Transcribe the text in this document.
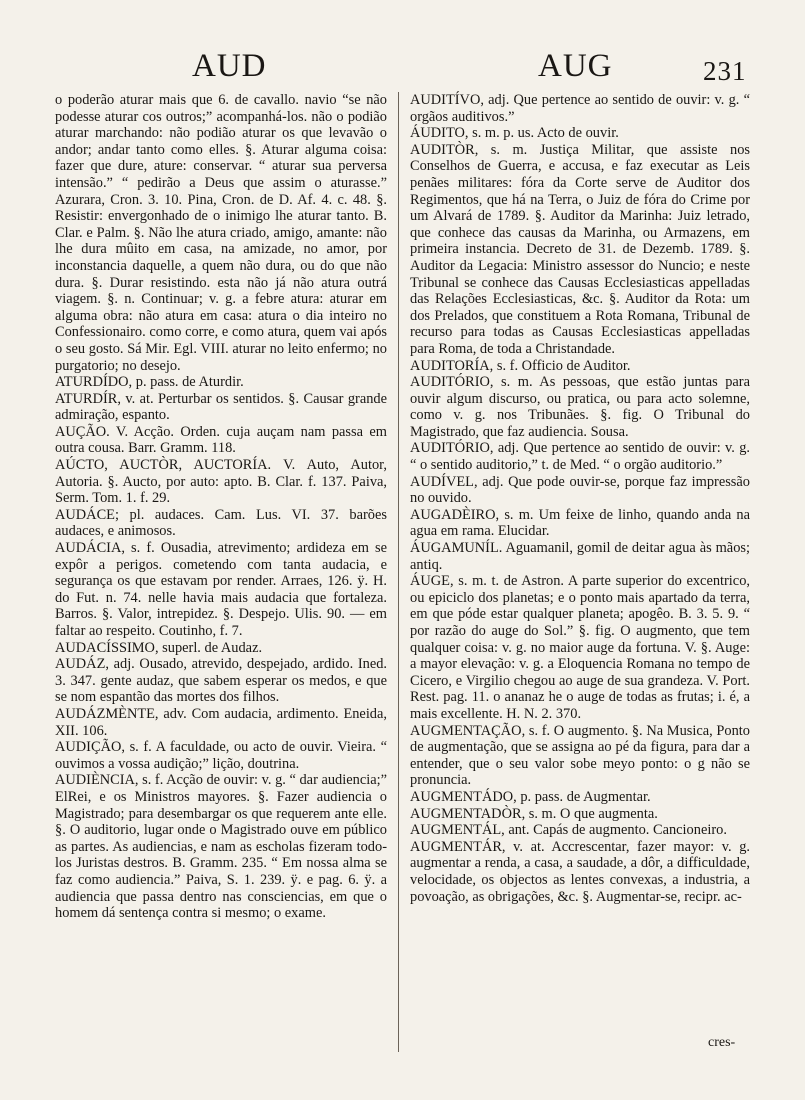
AUD	AUG	231

o poderão aturar mais que 6. de cavallo. navio “se não podesse aturar cos outros;” acompanhá-los. não o podião aturar marchando: não podião aturar os que levavão o andor; andar tanto como elles. §. Aturar alguma coisa: fazer que dure, ature: conservar. “ aturar sua perversa intensão.” “ pedirão a Deus que assim o aturasse.” Azurara, Cron. 3. 10. Pina, Cron. de D. Af. 4. c. 48. §. Resistir: envergonhado de o inimigo lhe aturar tanto. B. Clar. e Palm. §. Não lhe atura criado, amigo, amante: não lhe dura mûito em casa, na amizade, no amor, por inconstancia daquelle, a quem não dura, ou do que não dura. §. Durar resistindo. esta não já não atura outrá viagem. §. n. Continuar; v. g. a febre atura: aturar em alguma obra: não atura em casa: atura o dia inteiro no Confessionairo. como corre, e como atura, quem vai após o seu gosto. Sá Mir. Egl. VIII. aturar no leito enfermo; no purgatorio; no desejo.

ATURDÍDO, p. pass. de Aturdir.

ATURDÍR, v. at. Perturbar os sentidos. §. Causar grande admiração, espanto.

AUÇÃO. V. Acção. Orden. cuja auçam nam passa em outra cousa. Barr. Gramm. 118.

AÚCTO, AUCTÒR, AUCTORÍA. V. Auto, Autor, Autoria. §. Aucto, por auto: apto. B. Clar. f. 137. Paiva, Serm. Tom. 1. f. 29.

AUDÁCE; pl. audaces. Cam. Lus. VI. 37. barões audaces, e animosos.

AUDÁCIA, s. f. Ousadia, atrevimento; ardideza em se expôr a perigos. cometendo com tanta audacia, e segurança os que estavam por render. Arraes, 126. ÿ. H. do Fut. n. 74. nelle havia mais audacia que fortaleza. Barros. §. Valor, intrepidez. §. Despejo. Ulis. 90. — em faltar ao respeito. Coutinho, f. 7.

AUDACÍSSIMO, superl. de Audaz.

AUDÁZ, adj. Ousado, atrevido, despejado, ardido. Ined. 3. 347. gente audaz, que sabem esperar os medos, e que se nom espantão das mortes dos filhos.

AUDÁZMÈNTE, adv. Com audacia, ardimento. Eneida, XII. 106.

AUDIÇÃO, s. f. A faculdade, ou acto de ouvir. Vieira. “ ouvimos a vossa audição;” lição, doutrina.

AUDIÈNCIA, s. f. Acção de ouvir: v. g. “ dar audiencia;” ElRei, e os Ministros mayores. §. Fazer audiencia o Magistrado; para desembargar os que requerem ante elle. §. O auditorio, lugar onde o Magistrado ouve em público as partes. As audiencias, e nam as escholas fizeram todo-los Juristas destros. B. Gramm. 235. “ Em nossa alma se faz como audiencia.” Paiva, S. 1. 239. ÿ. e pag. 6. ÿ. a audiencia que passa dentro nas consciencias, em que o homem dá sentença contra si mesmo; o exame.

AUDITÍVO, adj. Que pertence ao sentido de ouvir: v. g. “ orgãos auditivos.”

ÁUDITO, s. m. p. us. Acto de ouvir.

AUDITÒR, s. m. Justiça Militar, que assiste nos Conselhos de Guerra, e accusa, e faz executar as Leis penães militares: fóra da Corte serve de Auditor dos Regimentos, que há na Terra, o Juiz de fóra do Crime por um Alvará de 1789. §. Auditor da Marinha: Juiz letrado, que conhece das causas da Marinha, ou Armazens, em primeira instancia. Decreto de 31. de Dezemb. 1789. §. Auditor da Legacia: Ministro assessor do Nuncio; e neste Tribunal se conhece das Causas Ecclesiasticas appelladas das Relações Ecclesiasticas, &c. §. Auditor da Rota: um dos Prelados, que constituem a Rota Romana, Tribunal de recurso para todas as Causas Ecclesiasticas appelladas para Roma, de toda a Christandade.

AUDITORÍA, s. f. Officio de Auditor.

AUDITÓRIO, s. m. As pessoas, que estão juntas para ouvir algum discurso, ou pratica, ou para acto solemne, como v. g. nos Tribunães. §. fig. O Tribunal do Magistrado, que faz audiencia. Sousa.

AUDITÓRIO, adj. Que pertence ao sentido de ouvir: v. g. “ o sentido auditorio,” t. de Med. “ o orgão auditorio.”

AUDÍVEL, adj. Que pode ouvir-se, porque faz impressão no ouvido.

AUGADÈIRO, s. m. Um feixe de linho, quando anda na agua em rama. Elucidar.

ÁUGAMUNÍL. Aguamanil, gomil de deitar agua às mãos; antiq.

ÁUGE, s. m. t. de Astron. A parte superior do excentrico, ou epiciclo dos planetas; e o ponto mais apartado da terra, em que póde estar qualquer planeta; apogêo. B. 3. 5. 9. “ por razão do auge do Sol.” §. fig. O augmento, que tem qualquer coisa: v. g. no maior auge da fortuna. V. §. Auge: a mayor elevação: v. g. a Eloquencia Romana no tempo de Cicero, e Virgilio chegou ao auge de sua grandeza. V. Port. Rest. pag. 11. o ananaz he o auge de todas as frutas; i. é, a mais excellente. H. N. 2. 370.

AUGMENTAÇÃO, s. f. O augmento. §. Na Musica, Ponto de augmentação, que se assigna ao pé da figura, para dar a entender, que o seu valor sobe meyo ponto: o g não se pronuncia.

AUGMENTÁDO, p. pass. de Augmentar.

AUGMENTADÒR, s. m. O que augmenta.

AUGMENTÁL, ant. Capás de augmento. Cancioneiro.

AUGMENTÁR, v. at. Accrescentar, fazer mayor: v. g. augmentar a renda, a casa, a saudade, a dôr, a difficuldade, velocidade, os objectos as lentes convexas, a industria, a povoação, as obrigações, &c. §. Augmentar-se, recipr. ac-

cres-
